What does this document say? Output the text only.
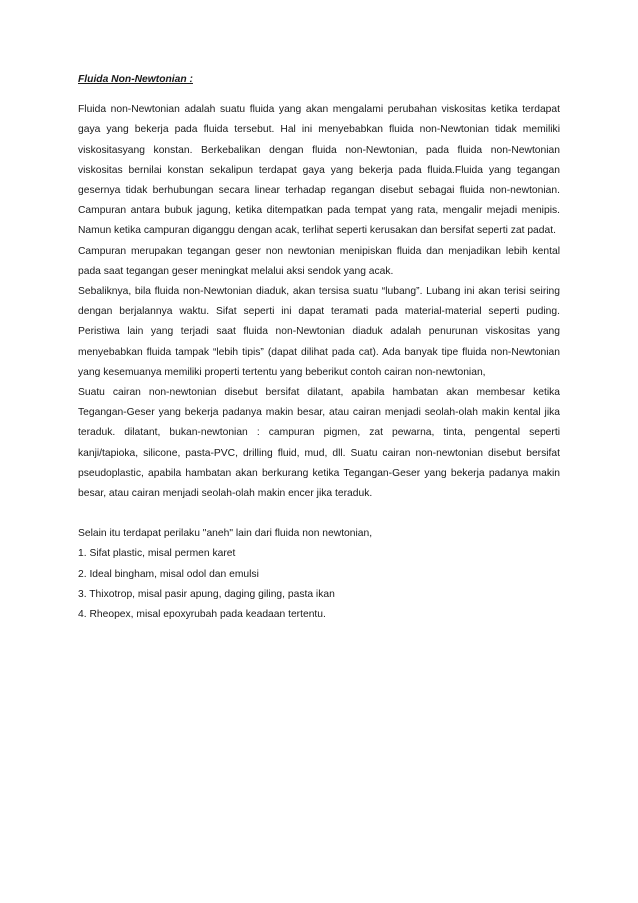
Fluida Non-Newtonian :

Fluida non-Newtonian adalah suatu fluida yang akan mengalami perubahan viskositas ketika terdapat gaya yang bekerja pada fluida tersebut. Hal ini menyebabkan fluida non-Newtonian tidak memiliki viskositasyang konstan. Berkebalikan dengan fluida non-Newtonian, pada fluida non-Newtonian viskositas bernilai konstan sekalipun terdapat gaya yang bekerja pada fluida.Fluida yang tegangan gesernya tidak berhubungan secara linear terhadap regangan disebut sebagai fluida non-newtonian. Campuran antara bubuk jagung, ketika ditempatkan pada tempat yang rata, mengalir mejadi menipis. Namun ketika campuran diganggu dengan acak, terlihat seperti kerusakan dan bersifat seperti zat padat.

Campuran merupakan tegangan geser non newtonian menipiskan fluida dan menjadikan lebih kental pada saat tegangan geser meningkat melalui aksi sendok yang acak.

Sebaliknya, bila fluida non-Newtonian diaduk, akan tersisa suatu “lubang”. Lubang ini akan terisi seiring dengan berjalannya waktu. Sifat seperti ini dapat teramati pada material-material seperti puding. Peristiwa lain yang terjadi saat fluida non-Newtonian diaduk adalah penurunan viskositas yang menyebabkan fluida tampak “lebih tipis” (dapat dilihat pada cat). Ada banyak tipe fluida non-Newtonian yang kesemuanya memiliki properti tertentu yang beberikut contoh cairan non-newtonian,

Suatu cairan non-newtonian disebut bersifat dilatant, apabila hambatan akan membesar ketika Tegangan-Geser yang bekerja padanya makin besar, atau cairan menjadi seolah-olah makin kental jika teraduk. dilatant, bukan-newtonian : campuran pigmen, zat pewarna, tinta, pengental seperti kanji/tapioka, silicone, pasta-PVC, drilling fluid, mud, dll. Suatu cairan non-newtonian disebut bersifat pseudoplastic, apabila hambatan akan berkurang ketika Tegangan-Geser yang bekerja padanya makin besar, atau cairan menjadi seolah-olah makin encer jika teraduk.

Selain itu terdapat perilaku "aneh" lain dari fluida non newtonian,

1. Sifat plastic, misal permen karet

2. Ideal bingham, misal odol dan emulsi

3. Thixotrop, misal pasir apung, daging giling, pasta ikan

4. Rheopex, misal epoxyrubah pada keadaan tertentu.
